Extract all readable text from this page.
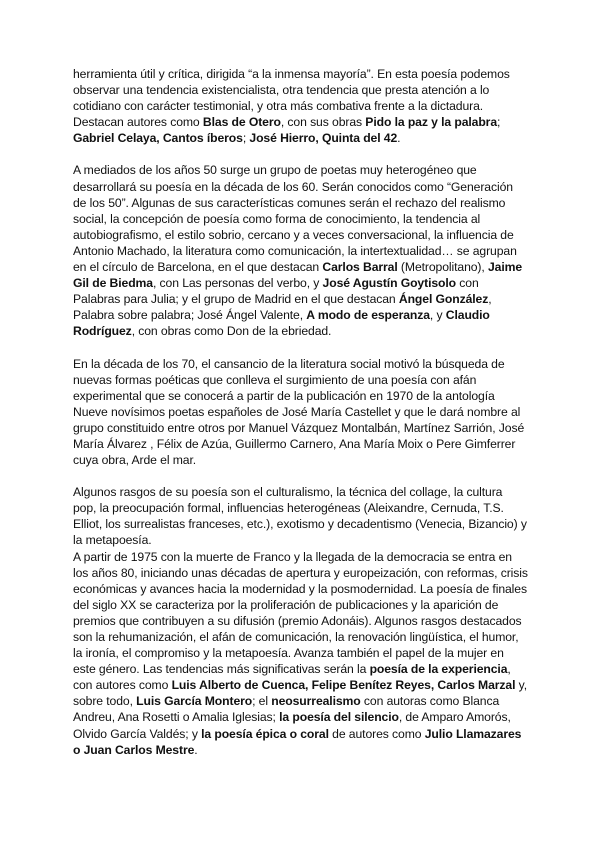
herramienta útil y crítica, dirigida “a la inmensa mayoría”. En esta poesía podemos observar una tendencia existencialista, otra tendencia que presta atención a lo cotidiano con carácter testimonial, y otra más combativa frente a la dictadura. Destacan autores como Blas de Otero, con sus obras Pido la paz y la palabra; Gabriel Celaya, Cantos íberos; José Hierro, Quinta del 42.

A mediados de los años 50 surge un grupo de poetas muy heterogéneo que desarrollará su poesía en la década de los 60. Serán conocidos como “Generación de los 50”. Algunas de sus características comunes serán el rechazo del realismo social, la concepción de poesía como forma de conocimiento, la tendencia al autobiografismo, el estilo sobrio, cercano y a veces conversacional, la influencia de Antonio Machado, la literatura como comunicación, la intertextualidad… se agrupan en el círculo de Barcelona, en el que destacan Carlos Barral (Metropolitano), Jaime Gil de Biedma, con Las personas del verbo, y José Agustín Goytisolo con Palabras para Julia; y el grupo de Madrid en el que destacan Ángel González, Palabra sobre palabra; José Ángel Valente, A modo de esperanza, y Claudio Rodríguez, con obras como Don de la ebriedad.

En la década de los 70, el cansancio de la literatura social motivó la búsqueda de nuevas formas poéticas que conlleva el surgimiento de una poesía con afán experimental que se conocerá a partir de la publicación en 1970 de la antología Nueve novísimos poetas españoles de José María Castellet y que le dará nombre al grupo constituido entre otros por Manuel Vázquez Montalbán, Martínez Sarrión, José María Álvarez , Félix de Azúa, Guillermo Carnero, Ana María Moix o Pere Gimferrer cuya obra, Arde el mar.

Algunos rasgos de su poesía son el culturalismo, la técnica del collage, la cultura pop, la preocupación formal, influencias heterogéneas (Aleixandre, Cernuda, T.S. Elliot, los surrealistas franceses, etc.), exotismo y decadentismo (Venecia, Bizancio) y la metapoesía.

A partir de 1975 con la muerte de Franco y la llegada de la democracia se entra en los años 80, iniciando unas décadas de apertura y europeización, con reformas, crisis económicas y avances hacia la modernidad y la posmodernidad. La poesía de finales del siglo XX se caracteriza por la proliferación de publicaciones y la aparición de premios que contribuyen a su difusión (premio Adonáis). Algunos rasgos destacados son la rehumanización, el afán de comunicación, la renovación lingüística, el humor, la ironía, el compromiso y la metapoesía. Avanza también el papel de la mujer en este género. Las tendencias más significativas serán la poesía de la experiencia, con autores como Luis Alberto de Cuenca, Felipe Benítez Reyes, Carlos Marzal y, sobre todo, Luis García Montero; el neosurrealismo con autoras como Blanca Andreu, Ana Rosetti o Amalia Iglesias; la poesía del silencio, de Amparo Amorós, Olvido García Valdés; y la poesía épica o coral de autores como Julio Llamazares o Juan Carlos Mestre.
